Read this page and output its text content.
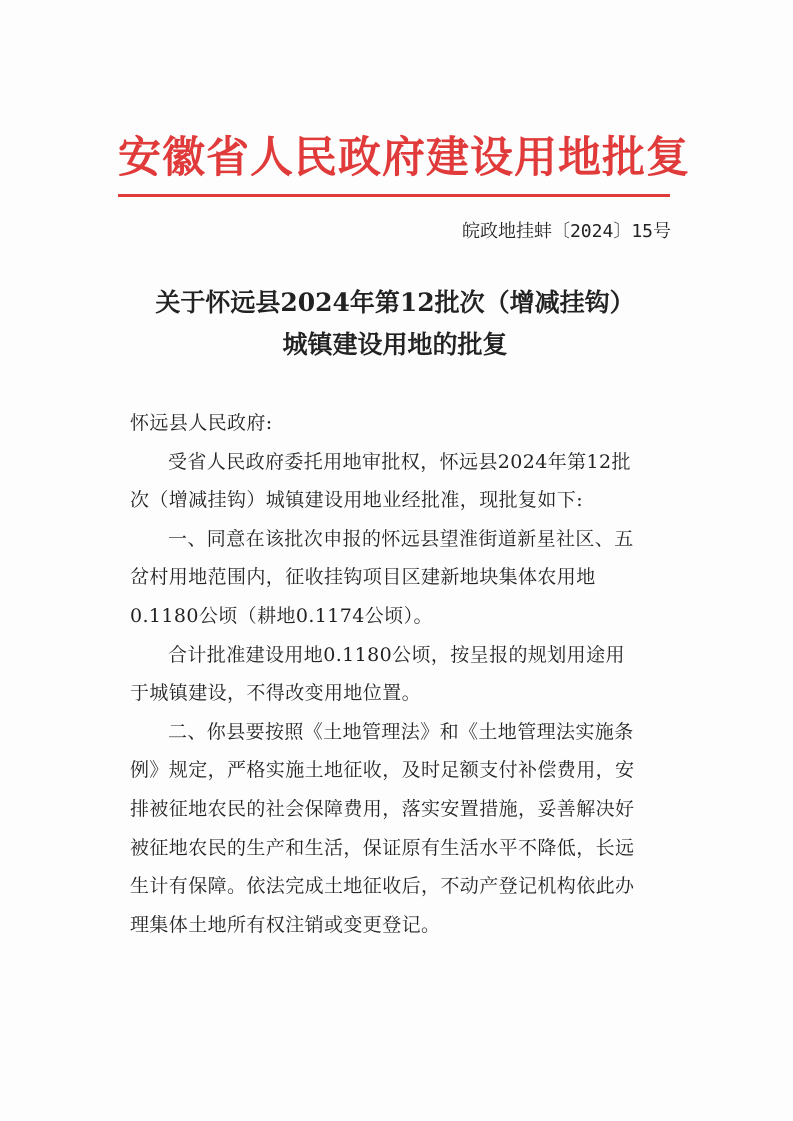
安徽省人民政府建设用地批复
皖政地挂蚌〔2024〕15号
关于怀远县2024年第12批次（增减挂钩）
城镇建设用地的批复
怀远县人民政府:
受省人民政府委托用地审批权，怀远县2024年第12批
次（增减挂钩）城镇建设用地业经批准，现批复如下:
一、同意在该批次申报的怀远县望淮街道新星社区、五
岔村用地范围内，征收挂钩项目区建新地块集体农用地
0.1180公顷（耕地0.1174公顷）。
合计批准建设用地0.1180公顷，按呈报的规划用途用
于城镇建设，不得改变用地位置。
二、你县要按照《土地管理法》和《土地管理法实施条
例》规定，严格实施土地征收，及时足额支付补偿费用，安
排被征地农民的社会保障费用，落实安置措施，妥善解决好
被征地农民的生产和生活，保证原有生活水平不降低，长远
生计有保障。依法完成土地征收后，不动产登记机构依此办
理集体土地所有权注销或变更登记。
